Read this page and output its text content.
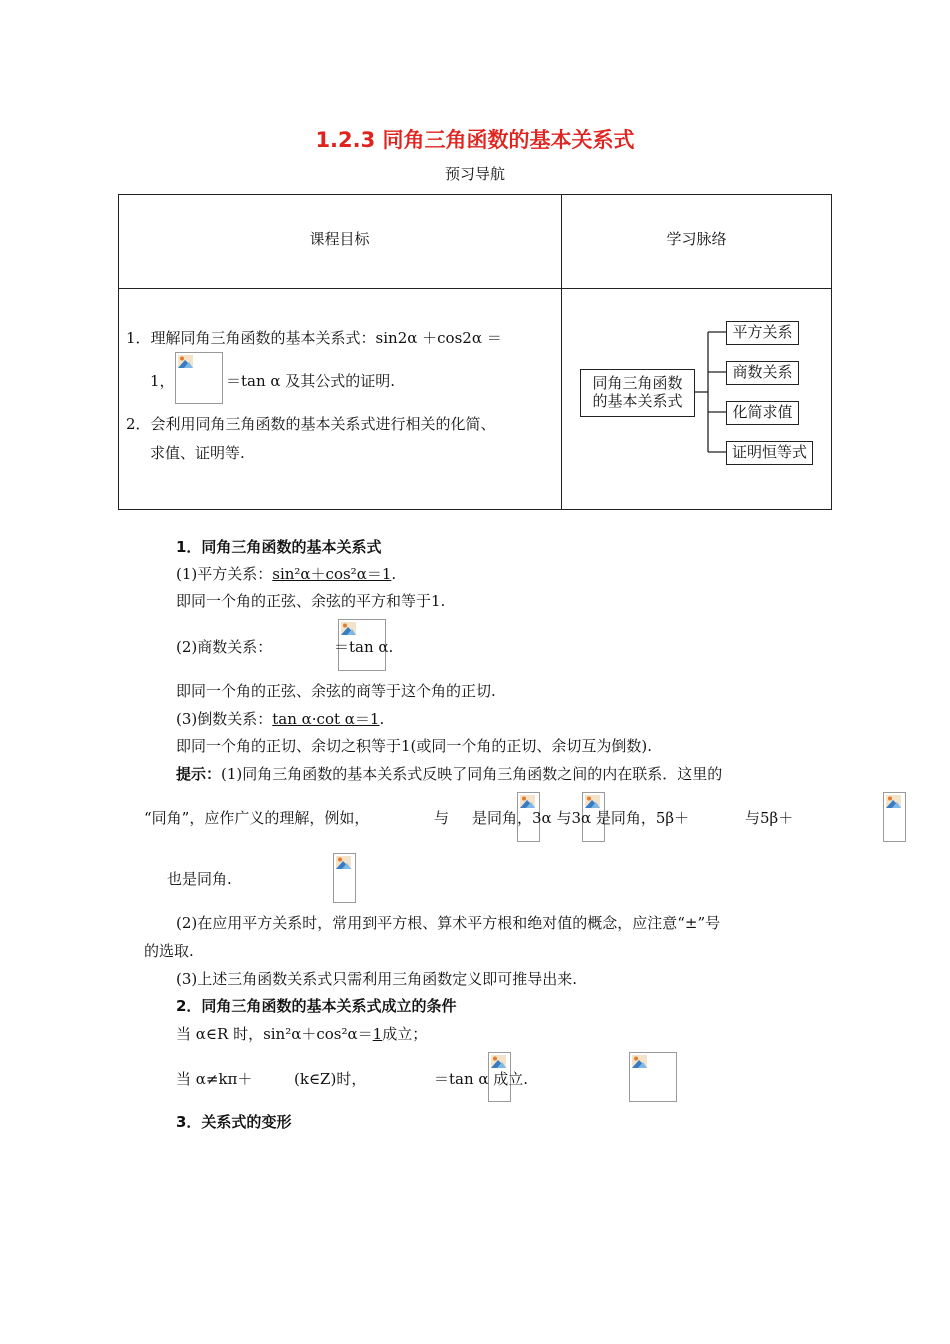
1.2.3 同角三角函数的基本关系式
预习导航
课程目标	学习脉络
1．理解同角三角函数的基本关系式：sin2α ＋cos2α ＝
1，
	＝tan α 及其公式的证明.
2．会利用同角三角函数的基本关系式进行相关的化简、
求值、证明等.
同角三角函数
的基本关系式
平方关系
商数关系
化简求值
证明恒等式
1．同角三角函数的基本关系式
(1)平方关系：sin²α＋cos²α＝1.
即同一个角的正弦、余弦的平方和等于1.
(2)商数关系：
	＝tan α.
即同一个角的正弦、余弦的商等于这个角的正切.
(3)倒数关系：tan α·cot α＝1.
即同一个角的正切、余切之积等于1(或同一个角的正切、余切互为倒数).
提示：(1)同角三角函数的基本关系式反映了同角三角函数之间的内在联系．这里的
“同角”，应作广义的理解，例如，
	与
是同角，3α 与3α 是同角，5β＋
	与5β＋

也是同角.
(2)在应用平方关系时，常用到平方根、算术平方根和绝对值的概念，应注意“±”号
的选取.
(3)上述三角函数关系式只需利用三角函数定义即可推导出来.
2．同角三角函数的基本关系式成立的条件
当 α∈R 时，sin²α＋cos²α＝1成立；
当 α≠kπ＋
	(k∈Z)时，	＝tan α 成立.
3．关系式的变形
